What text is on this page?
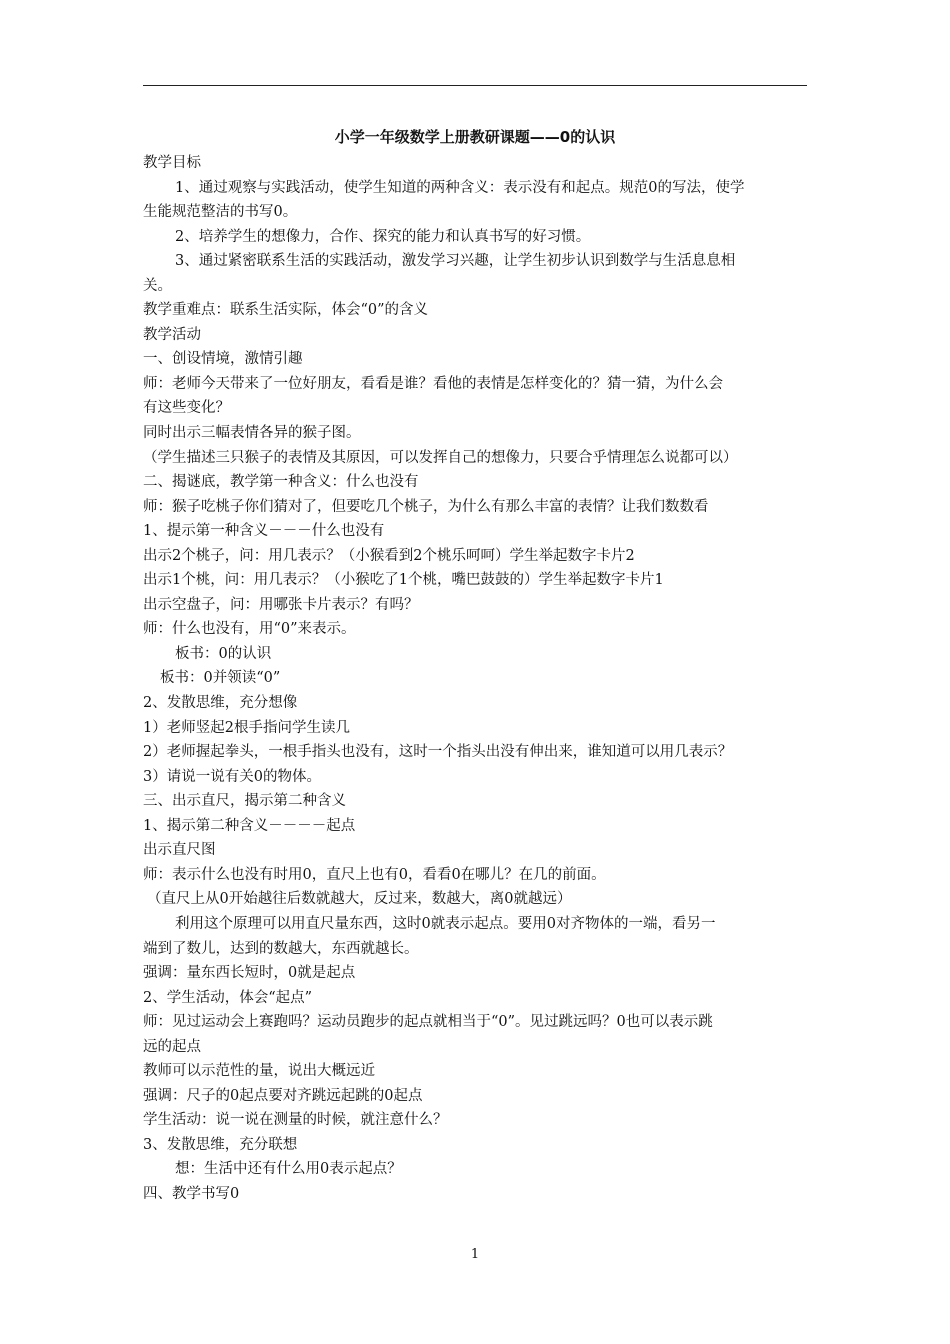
小学一年级数学上册教研课题——0的认识
教学目标
1、通过观察与实践活动，使学生知道的两种含义：表示没有和起点。规范0的写法，使学
生能规范整洁的书写0。
2、培养学生的想像力，合作、探究的能力和认真书写的好习惯。
3、通过紧密联系生活的实践活动，激发学习兴趣，让学生初步认识到数学与生活息息相
关。
教学重难点：联系生活实际，体会“0”的含义
教学活动
一、创设情境，激情引趣
师：老师今天带来了一位好朋友，看看是谁？看他的表情是怎样变化的？猜一猜，为什么会
有这些变化？
同时出示三幅表情各异的猴子图。
（学生描述三只猴子的表情及其原因，可以发挥自己的想像力，只要合乎情理怎么说都可以）
二、揭谜底，教学第一种含义：什么也没有
师：猴子吃桃子你们猜对了，但要吃几个桃子，为什么有那么丰富的表情？让我们数数看
1、提示第一种含义－－－什么也没有
出示2个桃子，问：用几表示？（小猴看到2个桃乐呵呵）学生举起数字卡片2
出示1个桃，问：用几表示？（小猴吃了1个桃，嘴巴鼓鼓的）学生举起数字卡片1
出示空盘子，问：用哪张卡片表示？有吗？
师：什么也没有，用“0”来表示。
板书：0的认识
板书：0并领读“0”
2、发散思维，充分想像
1）老师竖起2根手指问学生读几
2）老师握起拳头，一根手指头也没有，这时一个指头出没有伸出来，谁知道可以用几表示？
3）请说一说有关0的物体。
三、出示直尺，揭示第二种含义
1、揭示第二种含义－－－－起点
出示直尺图
师：表示什么也没有时用0，直尺上也有0，看看0在哪儿？在几的前面。
（直尺上从0开始越往后数就越大，反过来，数越大，离0就越远）
利用这个原理可以用直尺量东西，这时0就表示起点。要用0对齐物体的一端，看另一
端到了数儿，达到的数越大，东西就越长。
强调：量东西长短时，0就是起点
2、学生活动，体会“起点”
师：见过运动会上赛跑吗？运动员跑步的起点就相当于“0”。见过跳远吗？0也可以表示跳
远的起点
教师可以示范性的量，说出大概远近
强调：尺子的0起点要对齐跳远起跳的0起点
学生活动：说一说在测量的时候，就注意什么？
3、发散思维，充分联想
想：生活中还有什么用0表示起点？
四、教学书写0
1
